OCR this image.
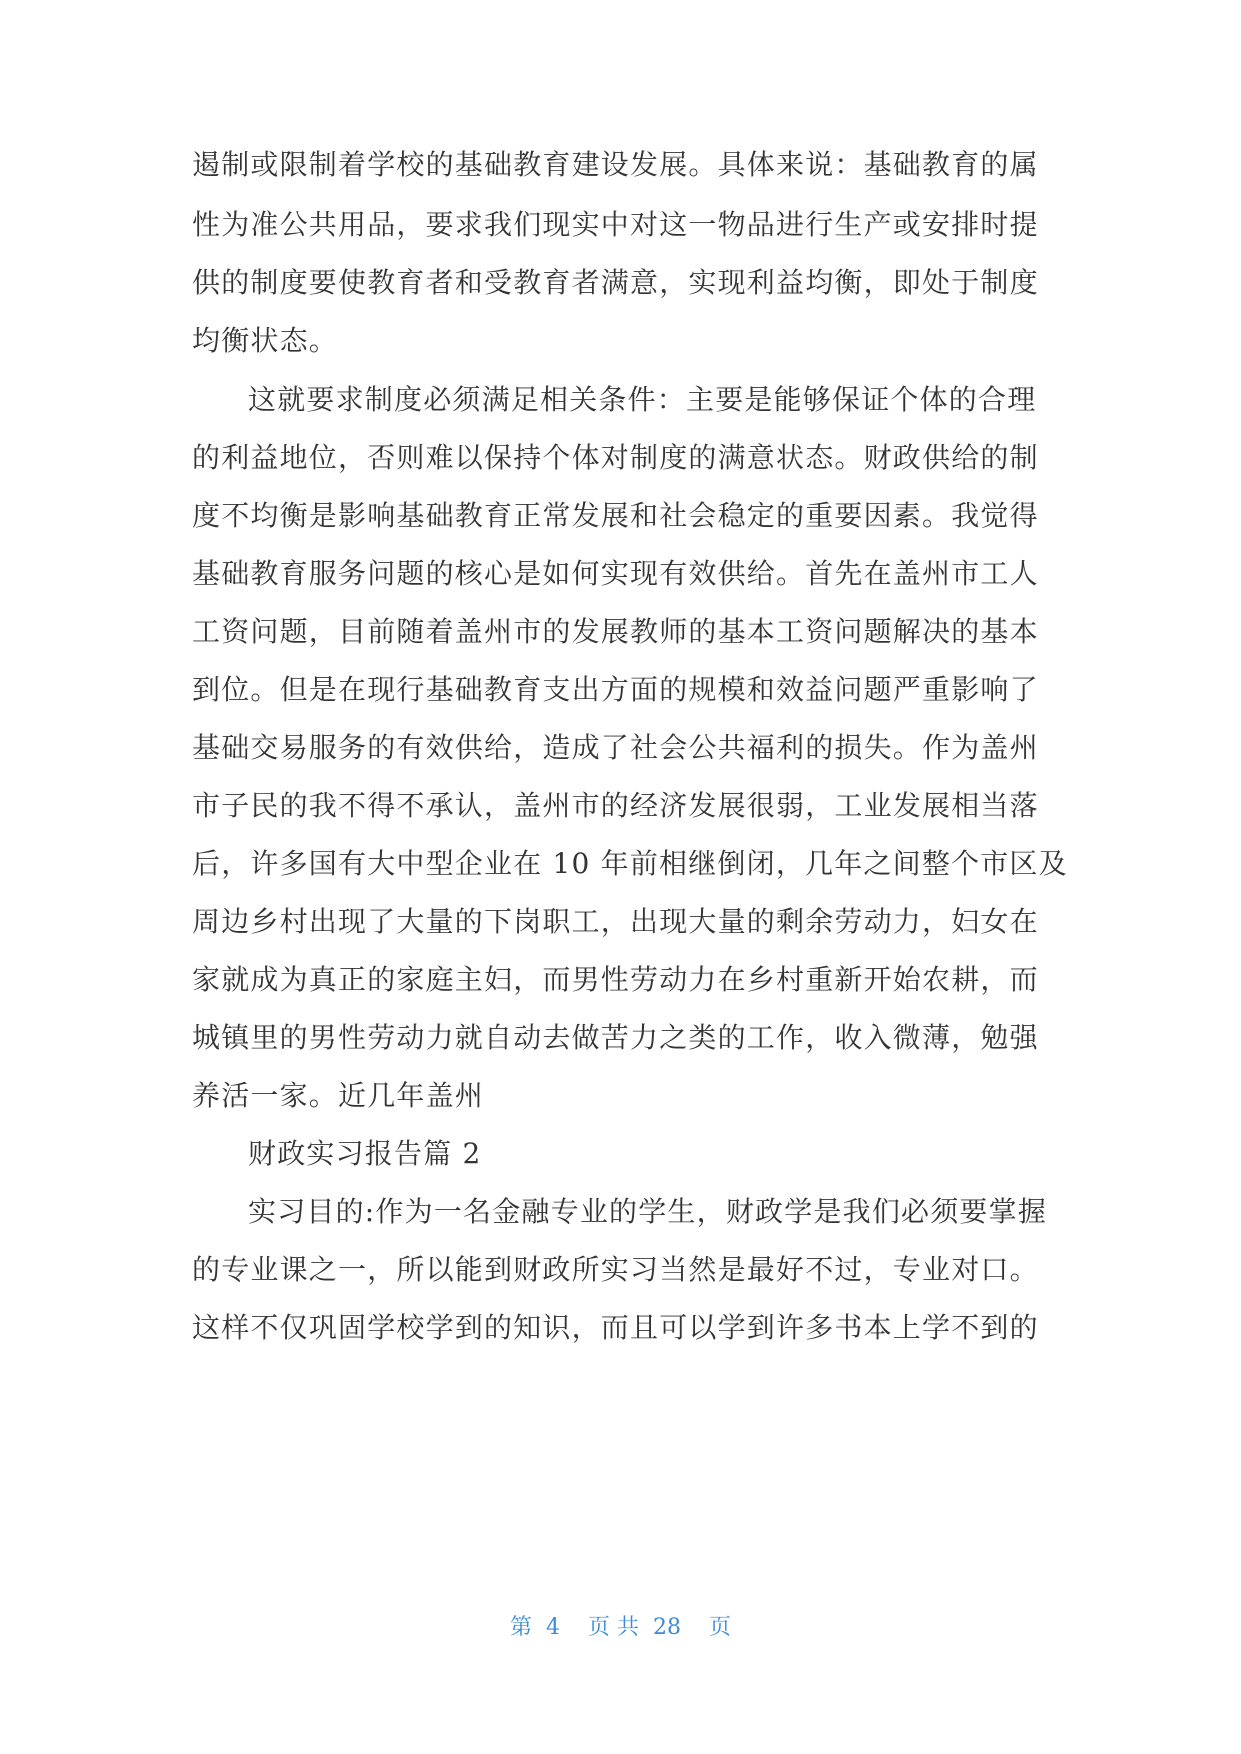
遏制或限制着学校的基础教育建设发展。具体来说：基础教育的属
性为准公共用品，要求我们现实中对这一物品进行生产或安排时提
供的制度要使教育者和受教育者满意，实现利益均衡，即处于制度
均衡状态。
这就要求制度必须满足相关条件：主要是能够保证个体的合理
的利益地位，否则难以保持个体对制度的满意状态。财政供给的制
度不均衡是影响基础教育正常发展和社会稳定的重要因素。我觉得
基础教育服务问题的核心是如何实现有效供给。首先在盖州市工人
工资问题，目前随着盖州市的发展教师的基本工资问题解决的基本
到位。但是在现行基础教育支出方面的规模和效益问题严重影响了
基础交易服务的有效供给，造成了社会公共福利的损失。作为盖州
市子民的我不得不承认，盖州市的经济发展很弱，工业发展相当落
后，许多国有大中型企业在 10 年前相继倒闭，几年之间整个市区及
周边乡村出现了大量的下岗职工，出现大量的剩余劳动力，妇女在
家就成为真正的家庭主妇，而男性劳动力在乡村重新开始农耕，而
城镇里的男性劳动力就自动去做苦力之类的工作，收入微薄，勉强
养活一家。近几年盖州
财政实习报告篇 2
实习目的:作为一名金融专业的学生，财政学是我们必须要掌握
的专业课之一，所以能到财政所实习当然是最好不过，专业对口。
这样不仅巩固学校学到的知识，而且可以学到许多书本上学不到的
第  4    页 共  28    页
